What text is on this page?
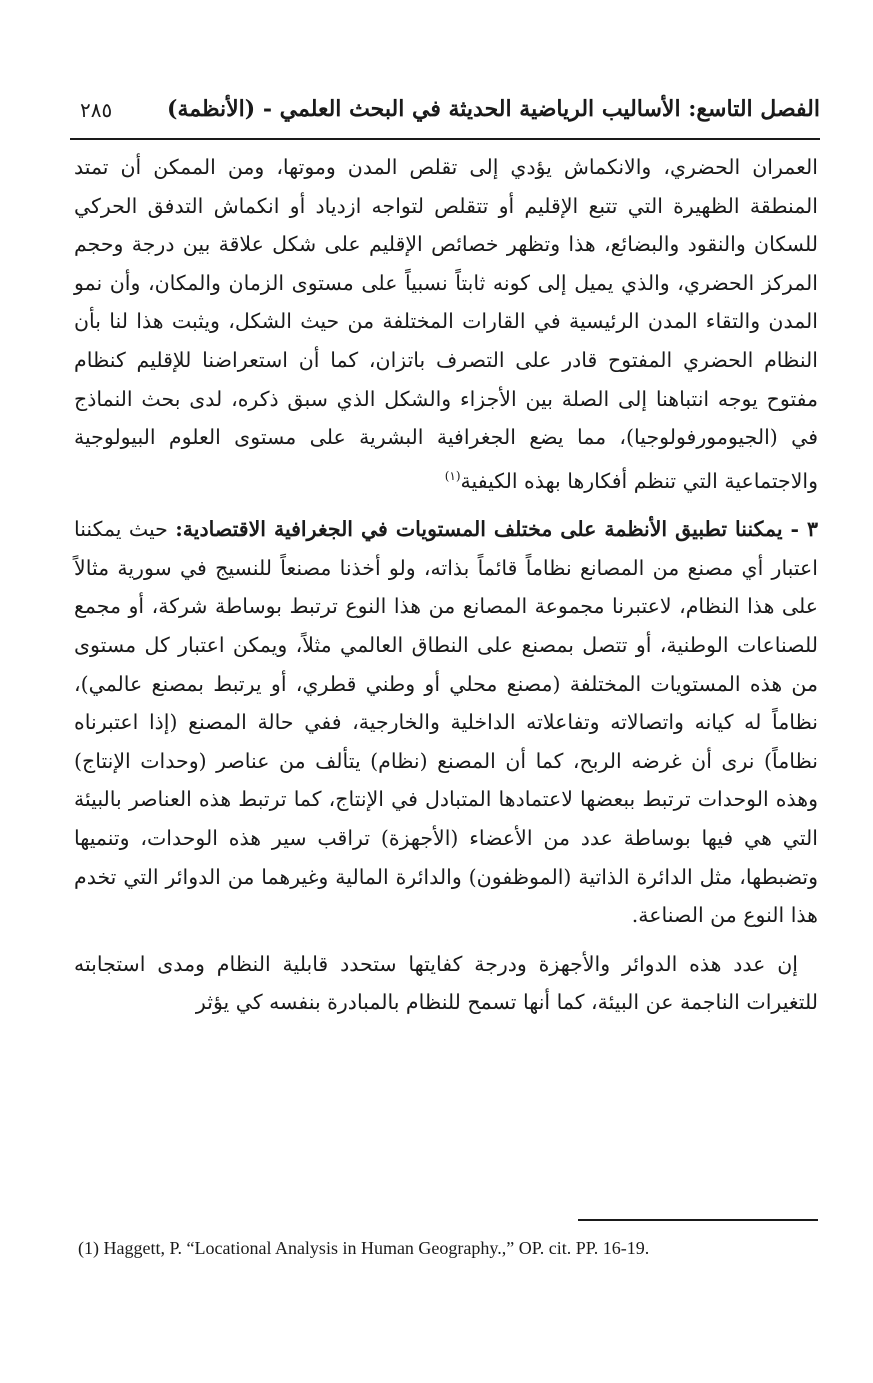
الفصل التاسع: الأساليب الرياضية الحديثة في البحث العلمي - (الأنظمة)
٢٨٥

العمران الحضري، والانكماش يؤدي إلى تقلص المدن وموتها، ومن الممكن أن تمتد المنطقة الظهيرة التي تتبع الإقليم أو تتقلص لتواجه ازدياد أو انكماش التدفق الحركي للسكان والنقود والبضائع، هذا وتظهر خصائص الإقليم على شكل علاقة بين درجة وحجم المركز الحضري، والذي يميل إلى كونه ثابتاً نسبياً على مستوى الزمان والمكان، وأن نمو المدن والتقاء المدن الرئيسية في القارات المختلفة من حيث الشكل، ويثبت هذا لنا بأن النظام الحضري المفتوح قادر على التصرف باتزان، كما أن استعراضنا للإقليم كنظام مفتوح يوجه انتباهنا إلى الصلة بين الأجزاء والشكل الذي سبق ذكره، لدى بحث النماذج في (الجيومورفولوجيا)، مما يضع الجغرافية البشرية على مستوى العلوم البيولوجية والاجتماعية التي تنظم أفكارها بهذه الكيفية$^{(١)}$

٣ - يمكننا تطبيق الأنظمة على مختلف المستويات في الجغرافية الاقتصادية: حيث يمكننا اعتبار أي مصنع من المصانع نظاماً قائماً بذاته، ولو أخذنا مصنعاً للنسيج في سورية مثالاً على هذا النظام، لاعتبرنا مجموعة المصانع من هذا النوع ترتبط بوساطة شركة، أو مجمع للصناعات الوطنية، أو تتصل بمصنع على النطاق العالمي مثلاً، ويمكن اعتبار كل مستوى من هذه المستويات المختلفة (مصنع محلي أو وطني قطري، أو يرتبط بمصنع عالمي)، نظاماً له كيانه واتصالاته وتفاعلاته الداخلية والخارجية، ففي حالة المصنع (إذا اعتبرناه نظاماً) نرى أن غرضه الربح، كما أن المصنع (نظام) يتألف من عناصر (وحدات الإنتاج) وهذه الوحدات ترتبط ببعضها لاعتمادها المتبادل في الإنتاج، كما ترتبط هذه العناصر بالبيئة التي هي فيها بوساطة عدد من الأعضاء (الأجهزة) تراقب سير هذه الوحدات، وتنميها وتضبطها، مثل الدائرة الذاتية (الموظفون) والدائرة المالية وغيرهما من الدوائر التي تخدم هذا النوع من الصناعة.

إن عدد هذه الدوائر والأجهزة ودرجة كفايتها ستحدد قابلية النظام ومدى استجابته للتغيرات الناجمة عن البيئة، كما أنها تسمح للنظام بالمبادرة بنفسه كي يؤثر

(1) Haggett, P. “Locational Analysis in Human Geography.,” OP. cit. PP. 16-19.
